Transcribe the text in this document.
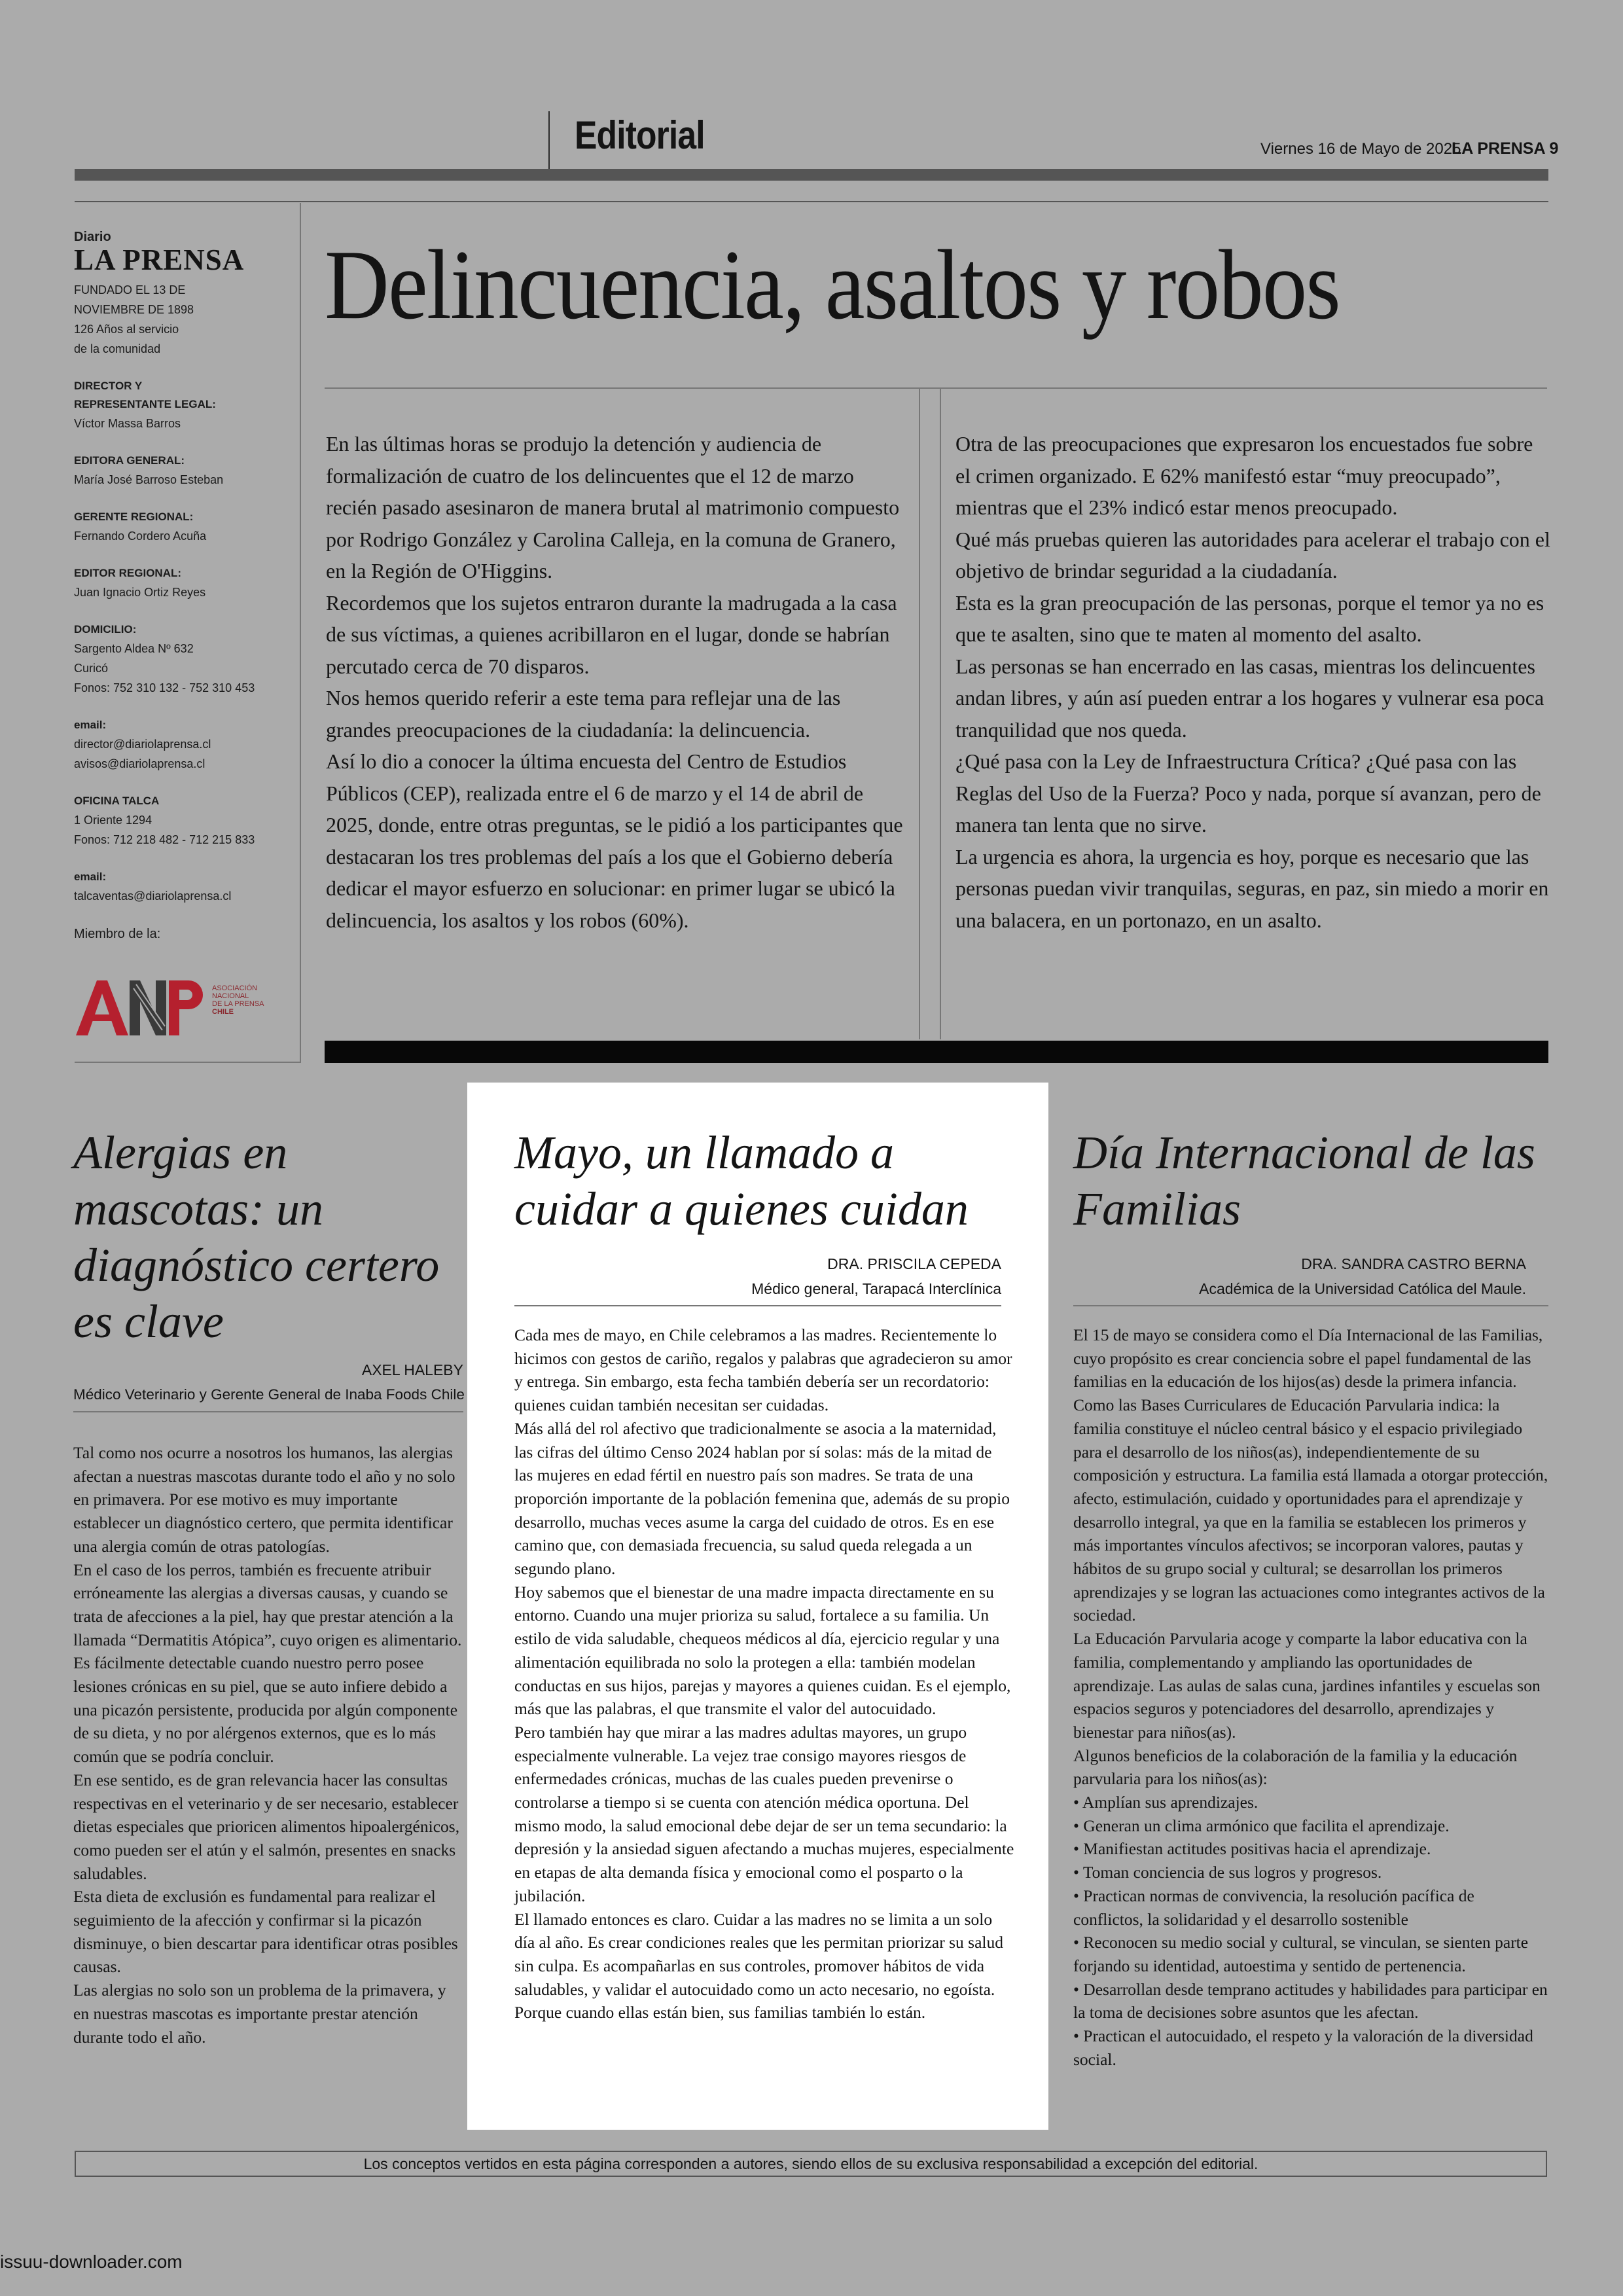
Editorial	Viernes 16 de Mayo de 2025
LA PRENSA 9
Diario
LA PRENSA
FUNDADO EL 13 DE
NOVIEMBRE DE 1898
126 Años al servicio
de la comunidad
DIRECTOR Y
REPRESENTANTE LEGAL:
Víctor Massa Barros
EDITORA GENERAL:
María José Barroso Esteban
GERENTE REGIONAL:
Fernando Cordero Acuña
EDITOR REGIONAL:
Juan Ignacio Ortiz Reyes
DOMICILIO:
Sargento Aldea Nº 632
Curicó
Fonos: 752 310 132 - 752 310 453
email:
director@diariolaprensa.cl
avisos@diariolaprensa.cl
OFICINA TALCA
1 Oriente 1294
Fonos: 712 218 482 - 712 215 833
email:
talcaventas@diariolaprensa.cl
Miembro de la:
ASOCIACIÓN
NACIONAL
DE LA PRENSA
CHILE
Delincuencia, asaltos y robos

En las últimas horas se produjo la detención y audiencia de formalización de cuatro de los delincuentes que el 12 de marzo recién pasado asesinaron de manera brutal al matrimonio compuesto por Rodrigo González y Carolina Calleja, en la comuna de Granero, en la Región de O'Higgins.

Recordemos que los sujetos entraron durante la madrugada a la casa de sus víctimas, a quienes acribillaron en el lugar, donde se habrían percutado cerca de 70 disparos.

Nos hemos querido referir a este tema para reflejar una de las grandes preocupaciones de la ciudadanía: la delincuencia.

Así lo dio a conocer la última encuesta del Centro de Estudios Públicos (CEP), realizada entre el 6 de marzo y el 14 de abril de 2025, donde, entre otras preguntas, se le pidió a los participantes que destacaran los tres problemas del país a los que el Gobierno debería dedicar el mayor esfuerzo en solucionar: en primer lugar se ubicó la delincuencia, los asaltos y los robos (60%).

Otra de las preocupaciones que expresaron los encuestados fue sobre el crimen organizado. E 62% manifestó estar “muy preocupado”, mientras que el 23% indicó estar menos preocupado.

Qué más pruebas quieren las autoridades para acelerar el trabajo con el objetivo de brindar seguridad a la ciudadanía.

Esta es la gran preocupación de las personas, porque el temor ya no es que te asalten, sino que te maten al momento del asalto.

Las personas se han encerrado en las casas, mientras los delincuentes andan libres, y aún así pueden entrar a los hogares y vulnerar esa poca tranquilidad que nos queda.

¿Qué pasa con la Ley de Infraestructura Crítica? ¿Qué pasa con las Reglas del Uso de la Fuerza? Poco y nada, porque sí avanzan, pero de manera tan lenta que no sirve.

La urgencia es ahora, la urgencia es hoy, porque es necesario que las personas puedan vivir tranquilas, seguras, en paz, sin miedo a morir en una balacera, en un portonazo, en un asalto.

Alergias en mascotas: un diagnóstico certero es clave
AXEL HALEBY
Médico Veterinario y Gerente General de Inaba Foods Chile

Tal como nos ocurre a nosotros los humanos, las alergias afectan a nuestras mascotas durante todo el año y no solo en primavera. Por ese motivo es muy importante establecer un diagnóstico certero, que permita identificar una alergia común de otras patologías.

En el caso de los perros, también es frecuente atribuir erróneamente las alergias a diversas causas, y cuando se trata de afecciones a la piel, hay que prestar atención a la llamada “Dermatitis Atópica”, cuyo origen es alimentario.

Es fácilmente detectable cuando nuestro perro posee lesiones crónicas en su piel, que se auto infiere debido a una picazón persistente, producida por algún componente de su dieta, y no por alérgenos externos, que es lo más común que se podría concluir.

En ese sentido, es de gran relevancia hacer las consultas respectivas en el veterinario y de ser necesario, establecer dietas especiales que prioricen alimentos hipoalergénicos, como pueden ser el atún y el salmón, presentes en snacks saludables.

Esta dieta de exclusión es fundamental para realizar el seguimiento de la afección y confirmar si la picazón disminuye, o bien descartar para identificar otras posibles causas.

Las alergias no solo son un problema de la primavera, y en nuestras mascotas es importante prestar atención durante todo el año.

Mayo, un llamado a cuidar a quienes cuidan
DRA. PRISCILA CEPEDA
Médico general, Tarapacá Interclínica

Cada mes de mayo, en Chile celebramos a las madres. Recientemente lo hicimos con gestos de cariño, regalos y palabras que agradecieron su amor y entrega. Sin embargo, esta fecha también debería ser un recordatorio: quienes cuidan también necesitan ser cuidadas.

Más allá del rol afectivo que tradicionalmente se asocia a la maternidad, las cifras del último Censo 2024 hablan por sí solas: más de la mitad de las mujeres en edad fértil en nuestro país son madres. Se trata de una proporción importante de la población femenina que, además de su propio desarrollo, muchas veces asume la carga del cuidado de otros. Es en ese camino que, con demasiada frecuencia, su salud queda relegada a un segundo plano.

Hoy sabemos que el bienestar de una madre impacta directamente en su entorno. Cuando una mujer prioriza su salud, fortalece a su familia. Un estilo de vida saludable, chequeos médicos al día, ejercicio regular y una alimentación equilibrada no solo la protegen a ella: también modelan conductas en sus hijos, parejas y mayores a quienes cuidan. Es el ejemplo, más que las palabras, el que transmite el valor del autocuidado.

Pero también hay que mirar a las madres adultas mayores, un grupo especialmente vulnerable. La vejez trae consigo mayores riesgos de enfermedades crónicas, muchas de las cuales pueden prevenirse o controlarse a tiempo si se cuenta con atención médica oportuna. Del mismo modo, la salud emocional debe dejar de ser un tema secundario: la depresión y la ansiedad siguen afectando a muchas mujeres, especialmente en etapas de alta demanda física y emocional como el posparto o la jubilación.

El llamado entonces es claro. Cuidar a las madres no se limita a un solo día al año. Es crear condiciones reales que les permitan priorizar su salud sin culpa. Es acompañarlas en sus controles, promover hábitos de vida saludables, y validar el autocuidado como un acto necesario, no egoísta. Porque cuando ellas están bien, sus familias también lo están.

Día Internacional de las Familias
DRA. SANDRA CASTRO BERNA
Académica de la Universidad Católica del Maule.

El 15 de mayo se considera como el Día Internacional de las Familias, cuyo propósito es crear conciencia sobre el papel fundamental de las familias en la educación de los hijos(as) desde la primera infancia.

Como las Bases Curriculares de Educación Parvularia indica: la familia constituye el núcleo central básico y el espacio privilegiado para el desarrollo de los niños(as), independientemente de su composición y estructura. La familia está llamada a otorgar protección, afecto, estimulación, cuidado y oportunidades para el aprendizaje y desarrollo integral, ya que en la familia se establecen los primeros y más importantes vínculos afectivos; se incorporan valores, pautas y hábitos de su grupo social y cultural; se desarrollan los primeros aprendizajes y se logran las actuaciones como integrantes activos de la sociedad.

La Educación Parvularia acoge y comparte la labor educativa con la familia, complementando y ampliando las oportunidades de aprendizaje. Las aulas de salas cuna, jardines infantiles y escuelas son espacios seguros y potenciadores del desarrollo, aprendizajes y bienestar para niños(as).

Algunos beneficios de la colaboración de la familia y la educación parvularia para los niños(as):

• Amplían sus aprendizajes.

• Generan un clima armónico que facilita el aprendizaje.

• Manifiestan actitudes positivas hacia el aprendizaje.

• Toman conciencia de sus logros y progresos.

• Practican normas de convivencia, la resolución pacífica de conflictos, la solidaridad y el desarrollo sostenible

• Reconocen su medio social y cultural, se vinculan, se sienten parte forjando su identidad, autoestima y sentido de pertenencia.

• Desarrollan desde temprano actitudes y habilidades para participar en la toma de decisiones sobre asuntos que les afectan.

• Practican el autocuidado, el respeto y la valoración de la diversidad social.

Los conceptos vertidos en esta página corresponden a autores, siendo ellos de su exclusiva responsabilidad a excepción del editorial.
issuu-downloader.com
